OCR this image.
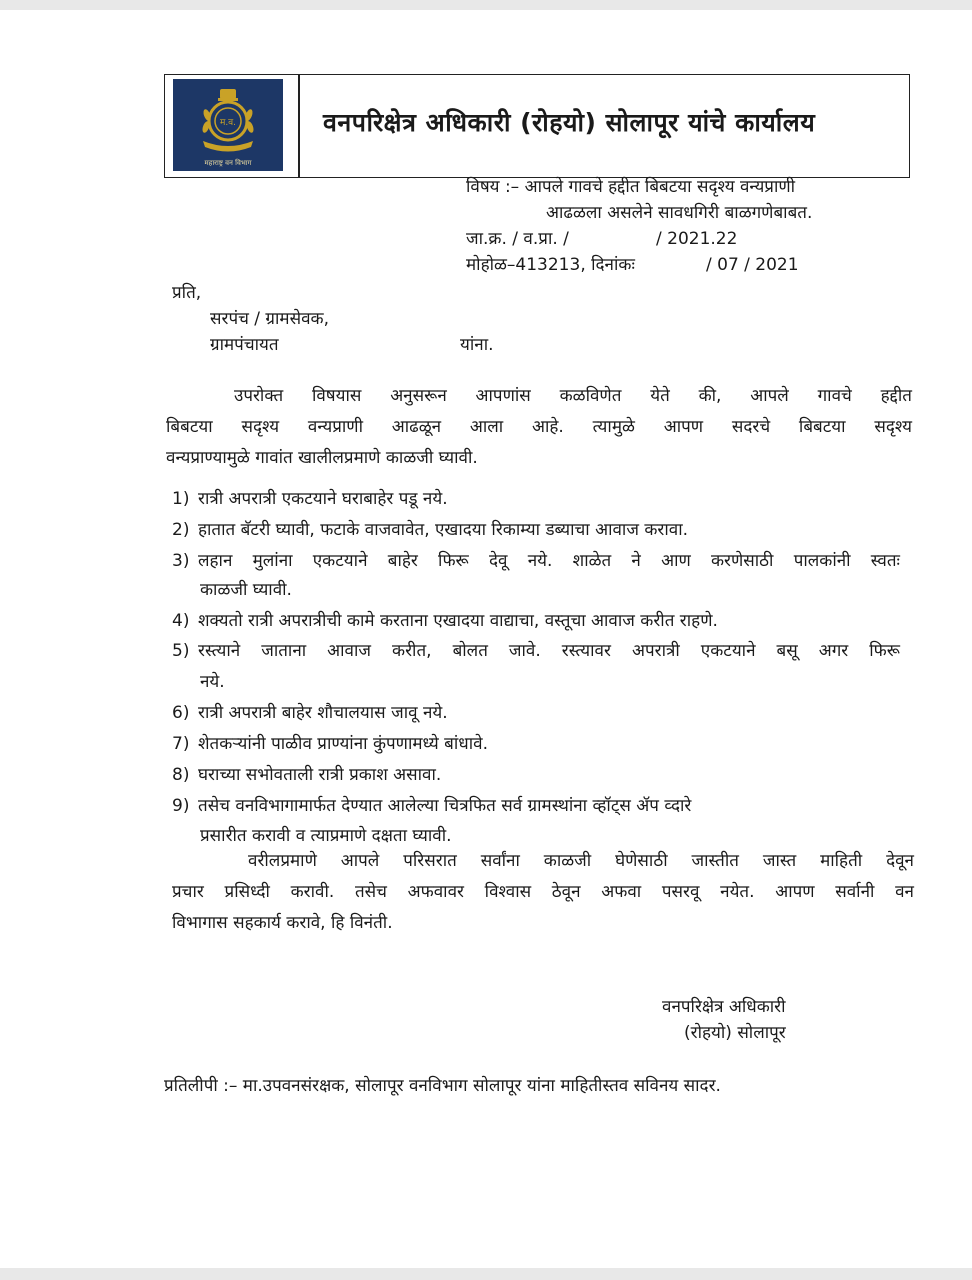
म.व.
महाराष्ट्र वन विभाग
वनपरिक्षेत्र अधिकारी (रोहयो) सोलापूर यांचे कार्यालय
विषय :– आपले गावचे हद्दीत बिबटया सदृश्य वन्यप्राणी
आढळला असलेने सावधगिरी बाळगणेबाबत.
जा.क्र. / व.प्रा. /	/ 2021.22
मोहोळ–413213, दिनांकः	/ 07 / 2021
प्रति,
सरपंच / ग्रामसेवक,
ग्रामपंचायत	यांना.
उपरोक्त विषयास अनुसरून आपणांस कळविणेत येते की, आपले गावचे हद्दीत
बिबटया सदृश्य वन्यप्राणी आढळून आला आहे. त्यामुळे आपण सदरचे बिबटया सदृश्य
वन्यप्राण्यामुळे गावांत खालीलप्रमाणे काळजी घ्यावी.
1) रात्री अपरात्री एकटयाने घराबाहेर पडू नये.
2) हातात बॅटरी घ्यावी, फटाके वाजवावेत, एखादया रिकाम्या डब्याचा आवाज करावा.
3) लहान मुलांना एकटयाने बाहेर फिरू देवू नये. शाळेत ने आण करणेसाठी पालकांनी स्वतः
काळजी घ्यावी.
4) शक्यतो रात्री अपरात्रीची कामे करताना एखादया वाद्याचा, वस्तूचा आवाज करीत राहणे.
5) रस्त्याने जाताना आवाज करीत, बोलत जावे. रस्त्यावर अपरात्री एकटयाने बसू अगर फिरू
नये.
6) रात्री अपरात्री बाहेर शौचालयास जावू नये.
7) शेतकऱ्यांनी पाळीव प्राण्यांना कुंपणामध्ये बांधावे.
8) घराच्या सभोवताली रात्री प्रकाश असावा.
9) तसेच वनविभागामार्फत देण्यात आलेल्या चित्रफित सर्व ग्रामस्थांना व्हॉट्स ॲप व्दारे
प्रसारीत करावी व त्याप्रमाणे दक्षता घ्यावी.
वरीलप्रमाणे आपले परिसरात सर्वांना काळजी घेणेसाठी जास्तीत जास्त माहिती देवून
प्रचार प्रसिध्दी करावी. तसेच अफवावर विश्वास ठेवून अफवा पसरवू नयेत. आपण सर्वानी वन
विभागास सहकार्य करावे, हि विनंती.
वनपरिक्षेत्र अधिकारी
(रोहयो) सोलापूर
प्रतिलीपी :– मा.उपवनसंरक्षक, सोलापूर वनविभाग सोलापूर यांना माहितीस्तव सविनय सादर.
